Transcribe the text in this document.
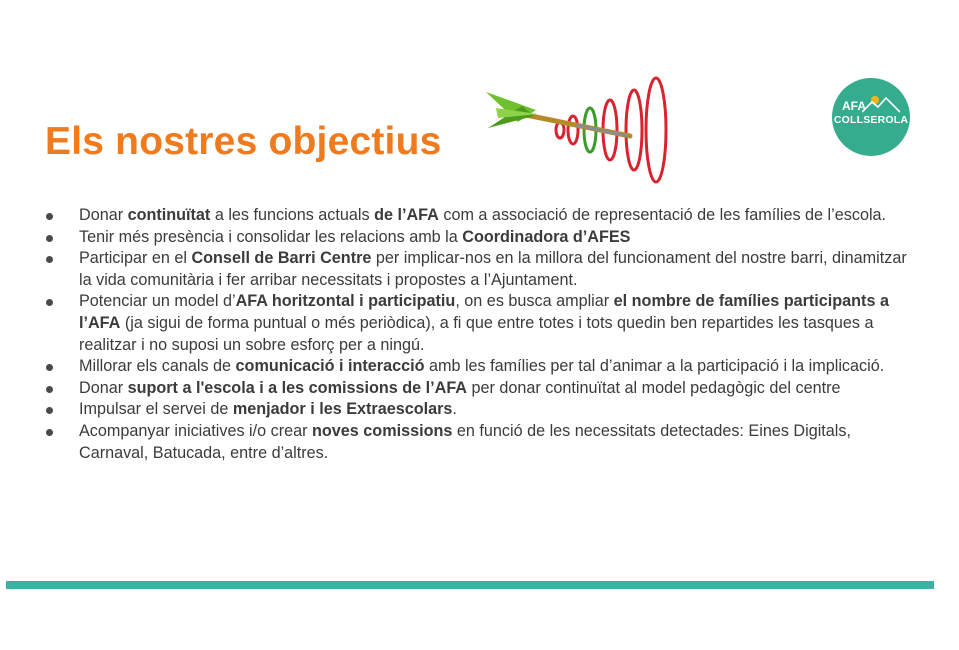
Els nostres objectius
AFA
COLLSEROLA
Donar continuïtat a les funcions actuals de l’AFA com a associació de representació de les famílies de l’escola.
Tenir més presència i consolidar les relacions amb la Coordinadora d’AFES
Participar en el Consell de Barri Centre per implicar-nos en la millora del funcionament del nostre barri, dinamitzar la vida comunitària i fer arribar necessitats i propostes a l’Ajuntament.
Potenciar un model d’AFA horitzontal i participatiu, on es busca ampliar el nombre de famílies participants a l’AFA (ja sigui de forma puntual o més periòdica), a fi que entre totes i tots quedin ben repartides les tasques a realitzar i no suposi un sobre esforç per a ningú.
Millorar els canals de comunicació i interacció amb les famílies per tal d’animar a la participació i la implicació.
Donar suport a l'escola i a les comissions de l’AFA per donar continuïtat al model pedagògic del centre
Impulsar el servei de menjador i les Extraescolars.
Acompanyar iniciatives i/o crear noves comissions en funció de les necessitats detectades: Eines Digitals, Carnaval, Batucada, entre d’altres.
